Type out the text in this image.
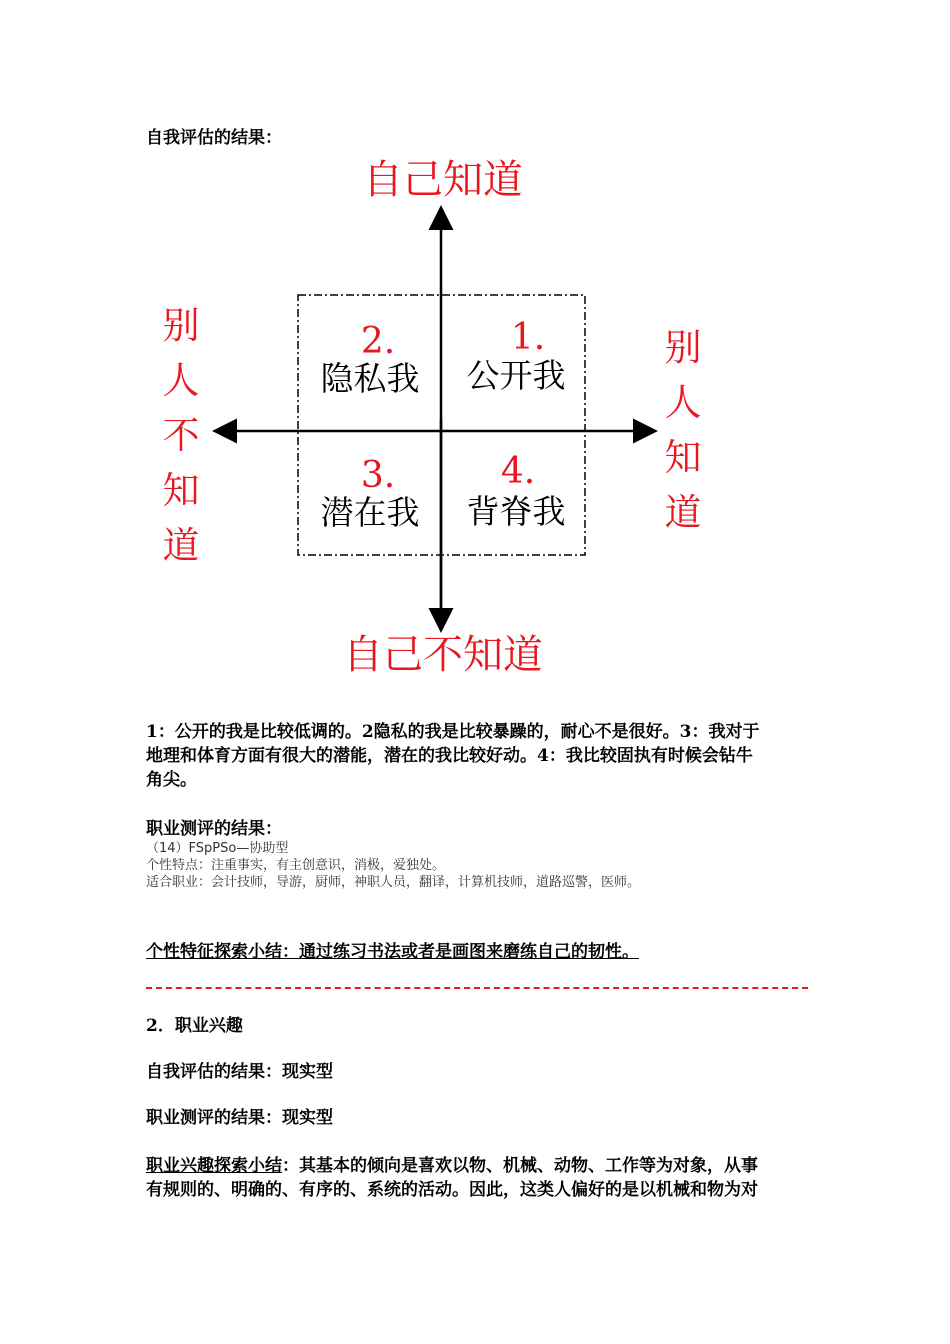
自我评估的结果：
自己知道
自己不知道
别
人
不
知
道
别
人
知
道
1.
公开我
2.
隐私我
3.
潜在我
4.
背脊我
1：公开的我是比较低调的。2隐私的我是比较暴躁的，耐心不是很好。3：我对于
地理和体育方面有很大的潜能，潜在的我比较好动。4：我比较固执有时候会钻牛
角尖。
职业测评的结果：
（14）FSpPSo—协助型
个性特点：注重事实，有主创意识，消极，爱独处。
适合职业：会计技师，导游，厨师，神职人员，翻译，计算机技师，道路巡警，医师。
个性特征探索小结：通过练习书法或者是画图来磨练自己的韧性。
2．职业兴趣
自我评估的结果：现实型
职业测评的结果：现实型
职业兴趣探索小结：其基本的倾向是喜欢以物、机械、动物、工作等为对象，从事
有规则的、明确的、有序的、系统的活动。因此，这类人偏好的是以机械和物为对
